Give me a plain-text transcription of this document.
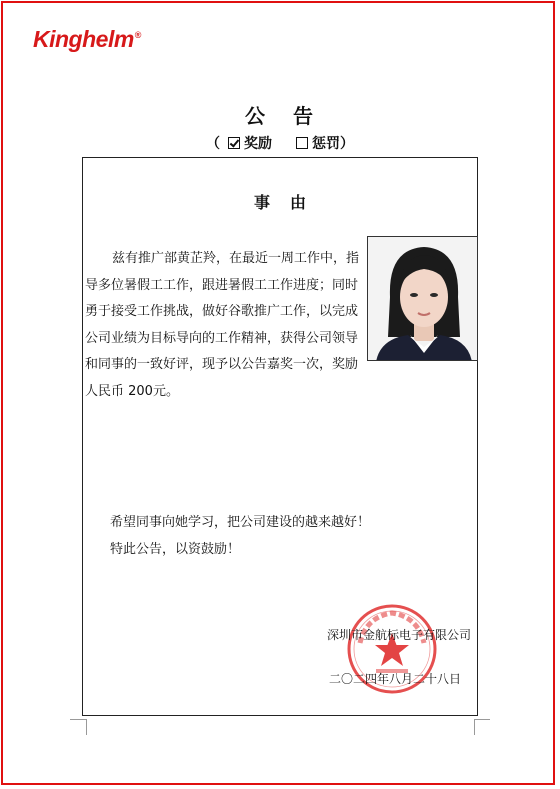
Kinghelm®
公 告
（ 奖励	惩罚）
事 由
兹有推广部黄芷羚，在最近一周工作中，指导多位暑假工工作，跟进暑假工工作进度；同时勇于接受工作挑战，做好谷歌推广工作，以完成公司业绩为目标导向的工作精神，获得公司领导和同事的一致好评，现予以公告嘉奖一次，奖励人民币 200元。
希望同事向她学习，把公司建设的越来越好！
特此公告，以资鼓励！
深圳市金航标电子有限公司
二〇二四年八月二十八日
